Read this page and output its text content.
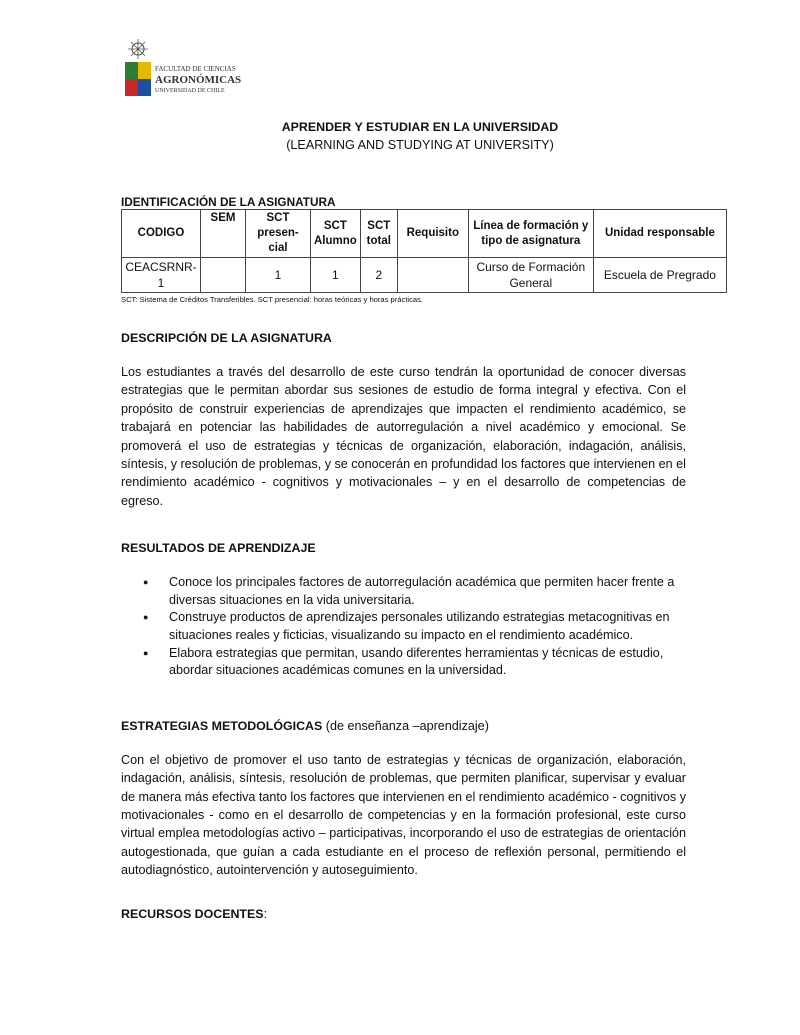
FACULTAD DE CIENCIAS
AGRONÓMICAS
UNIVERSIDAD DE CHILE
APRENDER Y ESTUDIAR EN LA UNIVERSIDAD
(LEARNING AND STUDYING AT UNIVERSITY)
IDENTIFICACIÓN DE LA ASIGNATURA
CODIGO	SEM	SCT presen-cial	SCT Alumno	SCT total	Requisito	Línea de formación y tipo de asignatura	Unidad responsable
CEACSRNR-1		1	1	2		Curso de Formación General	Escuela de Pregrado
SCT: Sistema de Créditos Transferibles. SCT presencial: horas teóricas y horas prácticas.
DESCRIPCIÓN DE LA ASIGNATURA

Los estudiantes a través del desarrollo de este curso tendrán la oportunidad de conocer diversas estrategias que le permitan abordar sus sesiones de estudio de forma integral y efectiva. Con el propósito de construir experiencias de aprendizajes que impacten el rendimiento académico, se trabajará en potenciar las habilidades de autorregulación a nivel académico y emocional. Se promoverá el uso de estrategias y técnicas de organización, elaboración, indagación, análisis, síntesis, y resolución de problemas, y se conocerán en profundidad los factores que intervienen en el rendimiento académico - cognitivos y motivacionales – y en el desarrollo de competencias de egreso.

RESULTADOS DE APRENDIZAJE
● Conoce los principales factores de autorregulación académica que permiten hacer frente a diversas situaciones en la vida universitaria.
● Construye productos de aprendizajes personales utilizando estrategias metacognitivas en situaciones reales y ficticias, visualizando su impacto en el rendimiento académico.
● Elabora estrategias que permitan, usando diferentes herramientas y técnicas de estudio, abordar situaciones académicas comunes en la universidad.
ESTRATEGIAS METODOLÓGICAS (de enseñanza –aprendizaje)

Con el objetivo de promover el uso tanto de estrategias y técnicas de organización, elaboración, indagación, análisis, síntesis, resolución de problemas, que permiten planificar, supervisar y evaluar de manera más efectiva tanto los factores que intervienen en el rendimiento académico - cognitivos y motivacionales - como en el desarrollo de competencias y en la formación profesional, este curso virtual emplea metodologías activo – participativas, incorporando el uso de estrategias de orientación autogestionada, que guían a cada estudiante en el proceso de reflexión personal, permitiendo el autodiagnóstico, autointervención y autoseguimiento.

RECURSOS DOCENTES:
